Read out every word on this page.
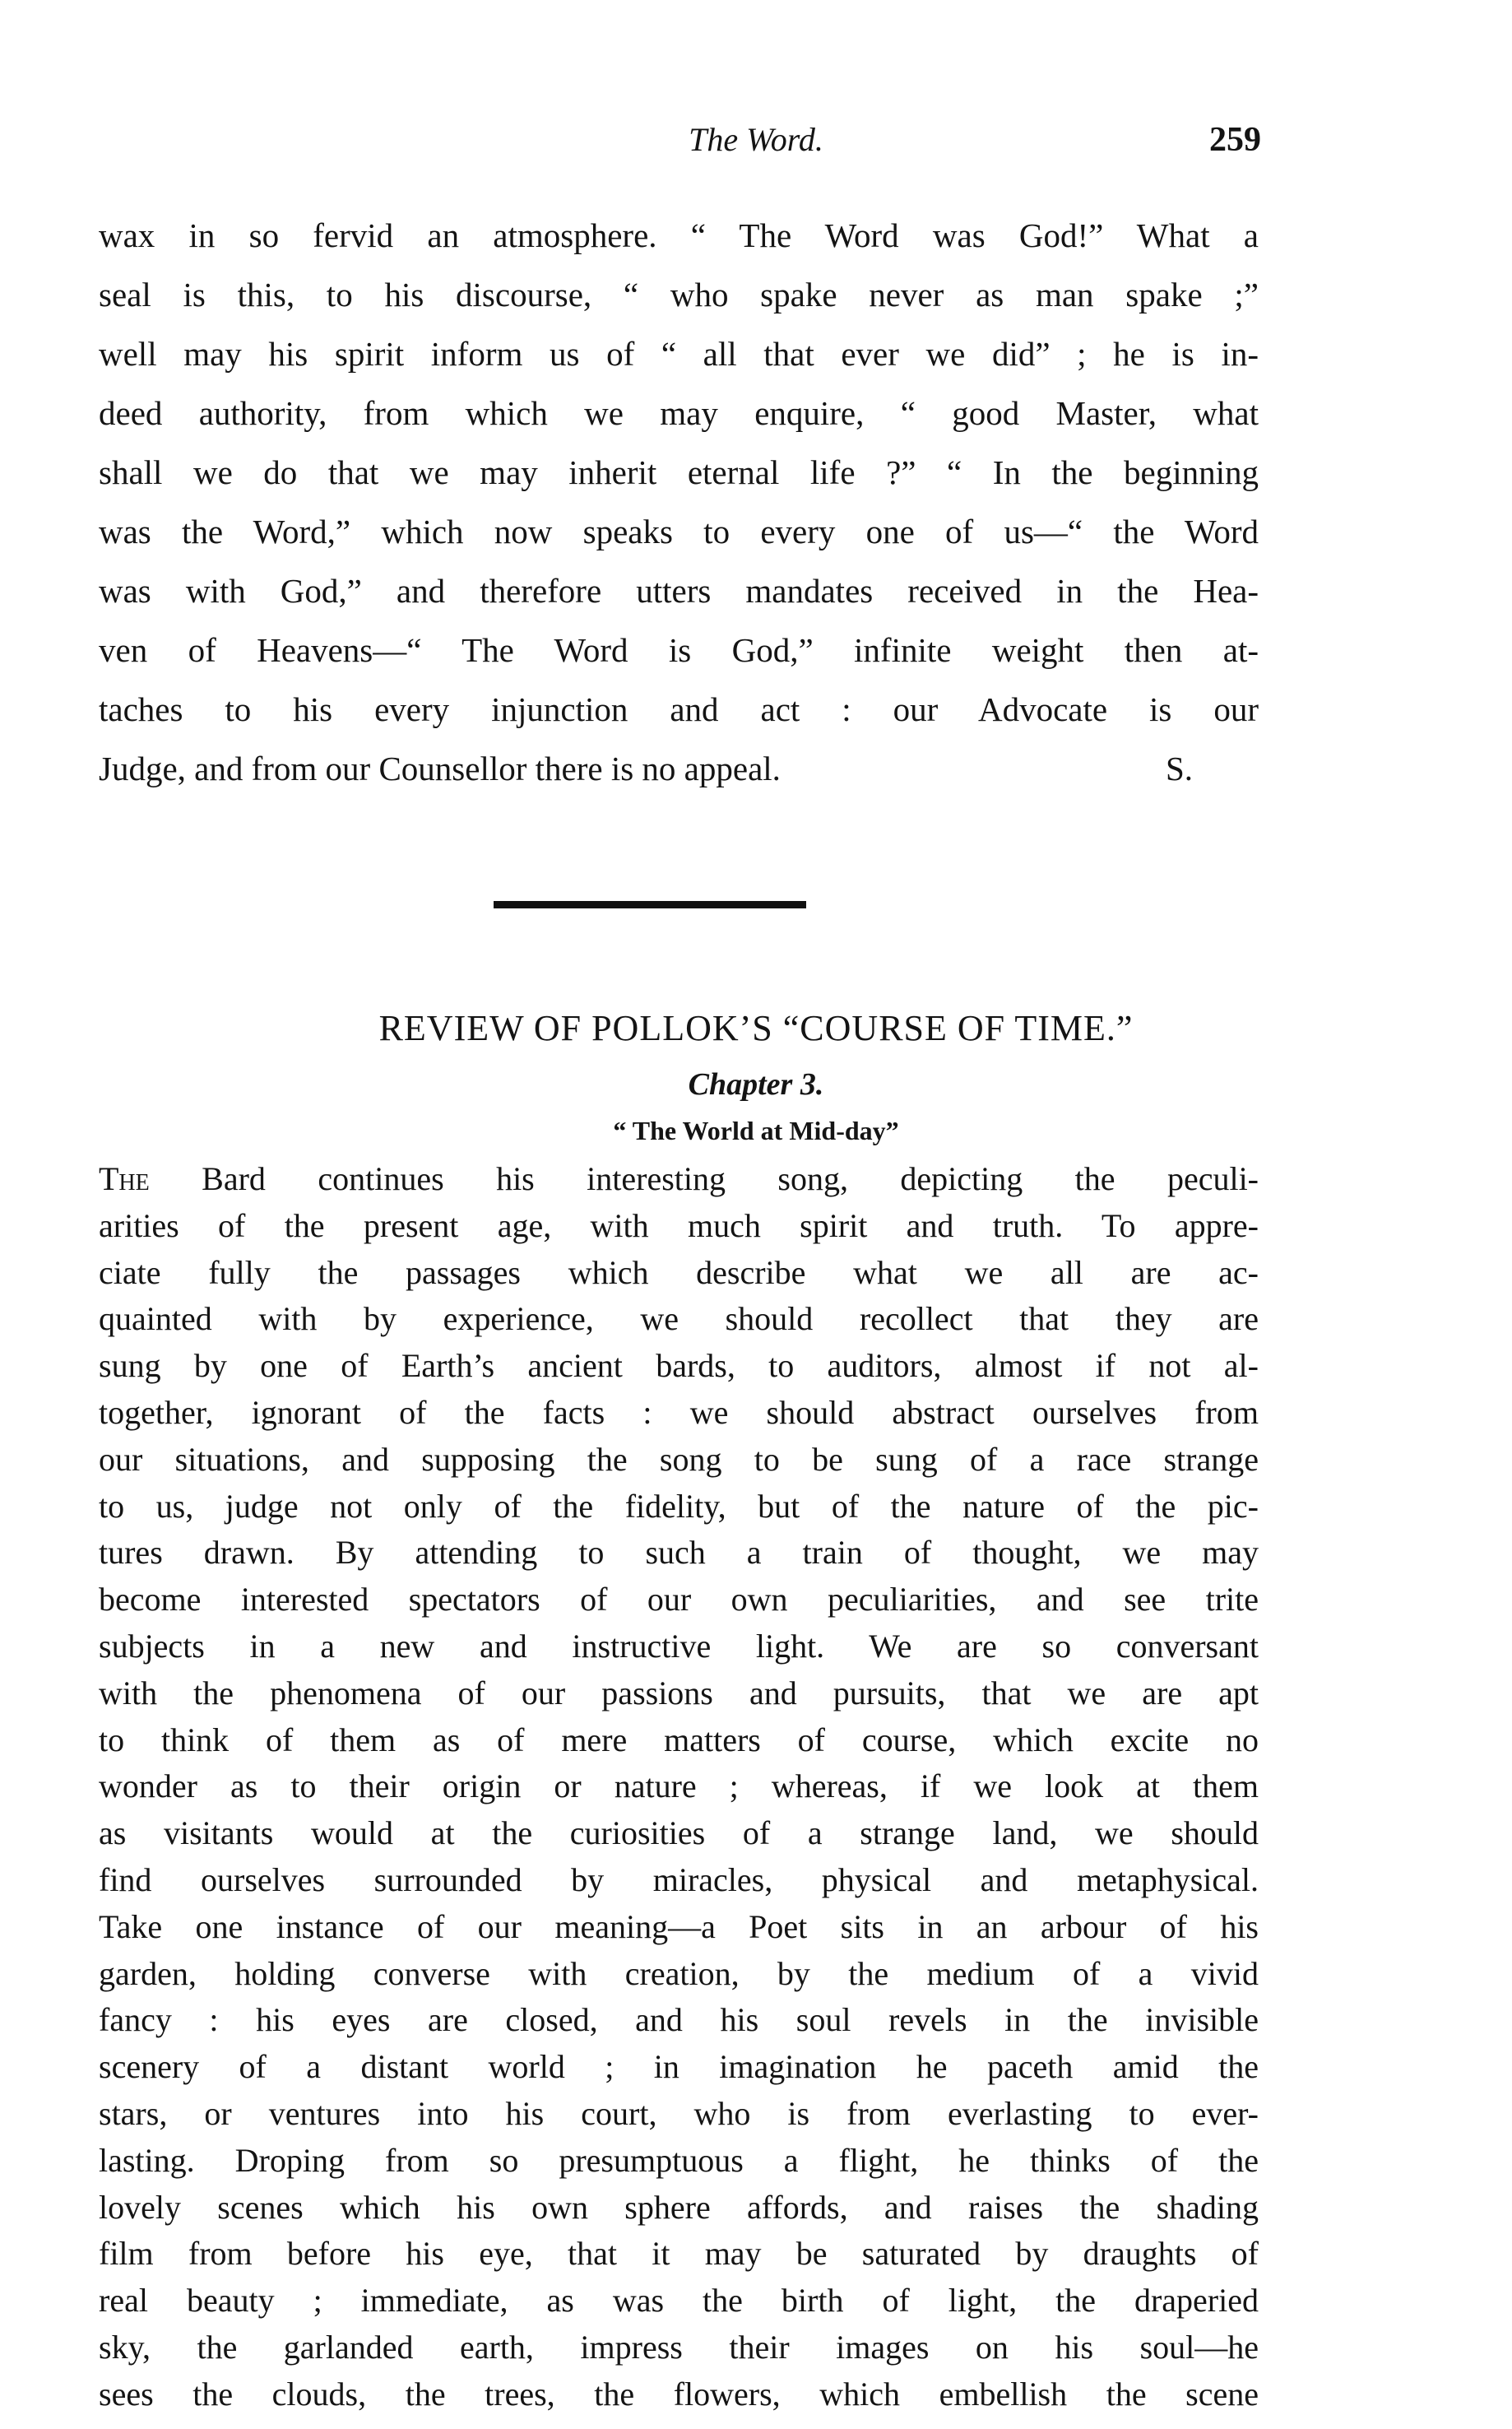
The Word.	259
wax in so fervid an atmosphere. “ The Word was God!” What a
seal is this, to his discourse, “ who spake never as man spake ;”
well may his spirit inform us of “ all that ever we did” ; he is in-
deed authority, from which we may enquire, “ good Master, what
shall we do that we may inherit eternal life ?” “ In the beginning
was the Word,” which now speaks to every one of us—“ the Word
was with God,” and therefore utters mandates received in the Hea-
ven of Heavens—“ The Word is God,” infinite weight then at-
taches to his every injunction and act : our Advocate is our
Judge, and from our Counsellor there is no appeal.	S.
REVIEW OF POLLOK’S “COURSE OF TIME.”
Chapter 3.
“ The World at Mid-day”
The Bard continues his interesting song, depicting the peculi-
arities of the present age, with much spirit and truth. To appre-
ciate fully the passages which describe what we all are ac-
quainted with by experience, we should recollect that they are
sung by one of Earth’s ancient bards, to auditors, almost if not al-
together, ignorant of the facts : we should abstract ourselves from
our situations, and supposing the song to be sung of a race strange
to us, judge not only of the fidelity, but of the nature of the pic-
tures drawn. By attending to such a train of thought, we may
become interested spectators of our own peculiarities, and see trite
subjects in a new and instructive light. We are so conversant
with the phenomena of our passions and pursuits, that we are apt
to think of them as of mere matters of course, which excite no
wonder as to their origin or nature ; whereas, if we look at them
as visitants would at the curiosities of a strange land, we should
find ourselves surrounded by miracles, physical and metaphysical.
Take one instance of our meaning—a Poet sits in an arbour of his
garden, holding converse with creation, by the medium of a vivid
fancy : his eyes are closed, and his soul revels in the invisible
scenery of a distant world ; in imagination he paceth amid the
stars, or ventures into his court, who is from everlasting to ever-
lasting. Droping from so presumptuous a flight, he thinks of the
lovely scenes which his own sphere affords, and raises the shading
film from before his eye, that it may be saturated by draughts of
real beauty ; immediate, as was the birth of light, the draperied
sky, the garlanded earth, impress their images on his soul—he
sees the clouds, the trees, the flowers, which embellish the scene
